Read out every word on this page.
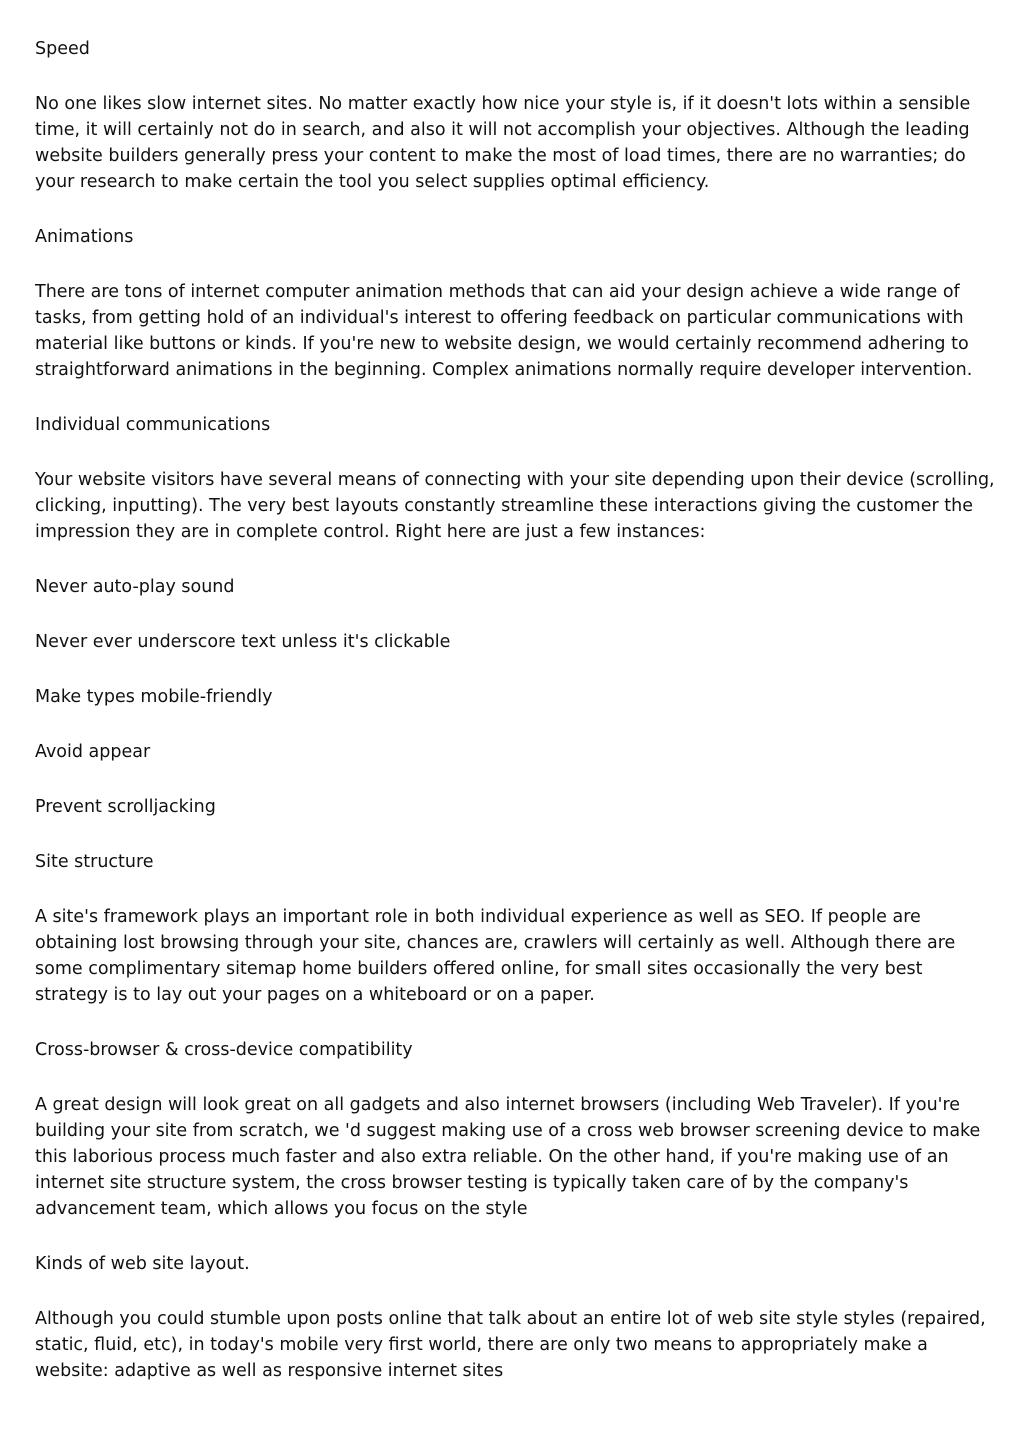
Speed

No one likes slow internet sites. No matter exactly how nice your style is, if it doesn't lots within a sensible time, it will certainly not do in search, and also it will not accomplish your objectives. Although the leading website builders generally press your content to make the most of load times, there are no warranties; do your research to make certain the tool you select supplies optimal efficiency.

Animations

There are tons of internet computer animation methods that can aid your design achieve a wide range of tasks, from getting hold of an individual's interest to offering feedback on particular communications with material like buttons or kinds. If you're new to website design, we would certainly recommend adhering to straightforward animations in the beginning. Complex animations normally require developer intervention.

Individual communications

Your website visitors have several means of connecting with your site depending upon their device (scrolling, clicking, inputting). The very best layouts constantly streamline these interactions giving the customer the impression they are in complete control. Right here are just a few instances:

Never auto-play sound

Never ever underscore text unless it's clickable

Make types mobile-friendly

Avoid appear

Prevent scrolljacking

Site structure

A site's framework plays an important role in both individual experience as well as SEO. If people are obtaining lost browsing through your site, chances are, crawlers will certainly as well. Although there are some complimentary sitemap home builders offered online, for small sites occasionally the very best strategy is to lay out your pages on a whiteboard or on a paper.

Cross-browser & cross-device compatibility

A great design will look great on all gadgets and also internet browsers (including Web Traveler). If you're building your site from scratch, we 'd suggest making use of a cross web browser screening device to make this laborious process much faster and also extra reliable. On the other hand, if you're making use of an internet site structure system, the cross browser testing is typically taken care of by the company's advancement team, which allows you focus on the style

Kinds of web site layout.

Although you could stumble upon posts online that talk about an entire lot of web site style styles (repaired, static, fluid, etc), in today's mobile very first world, there are only two means to appropriately make a website: adaptive as well as responsive internet sites
